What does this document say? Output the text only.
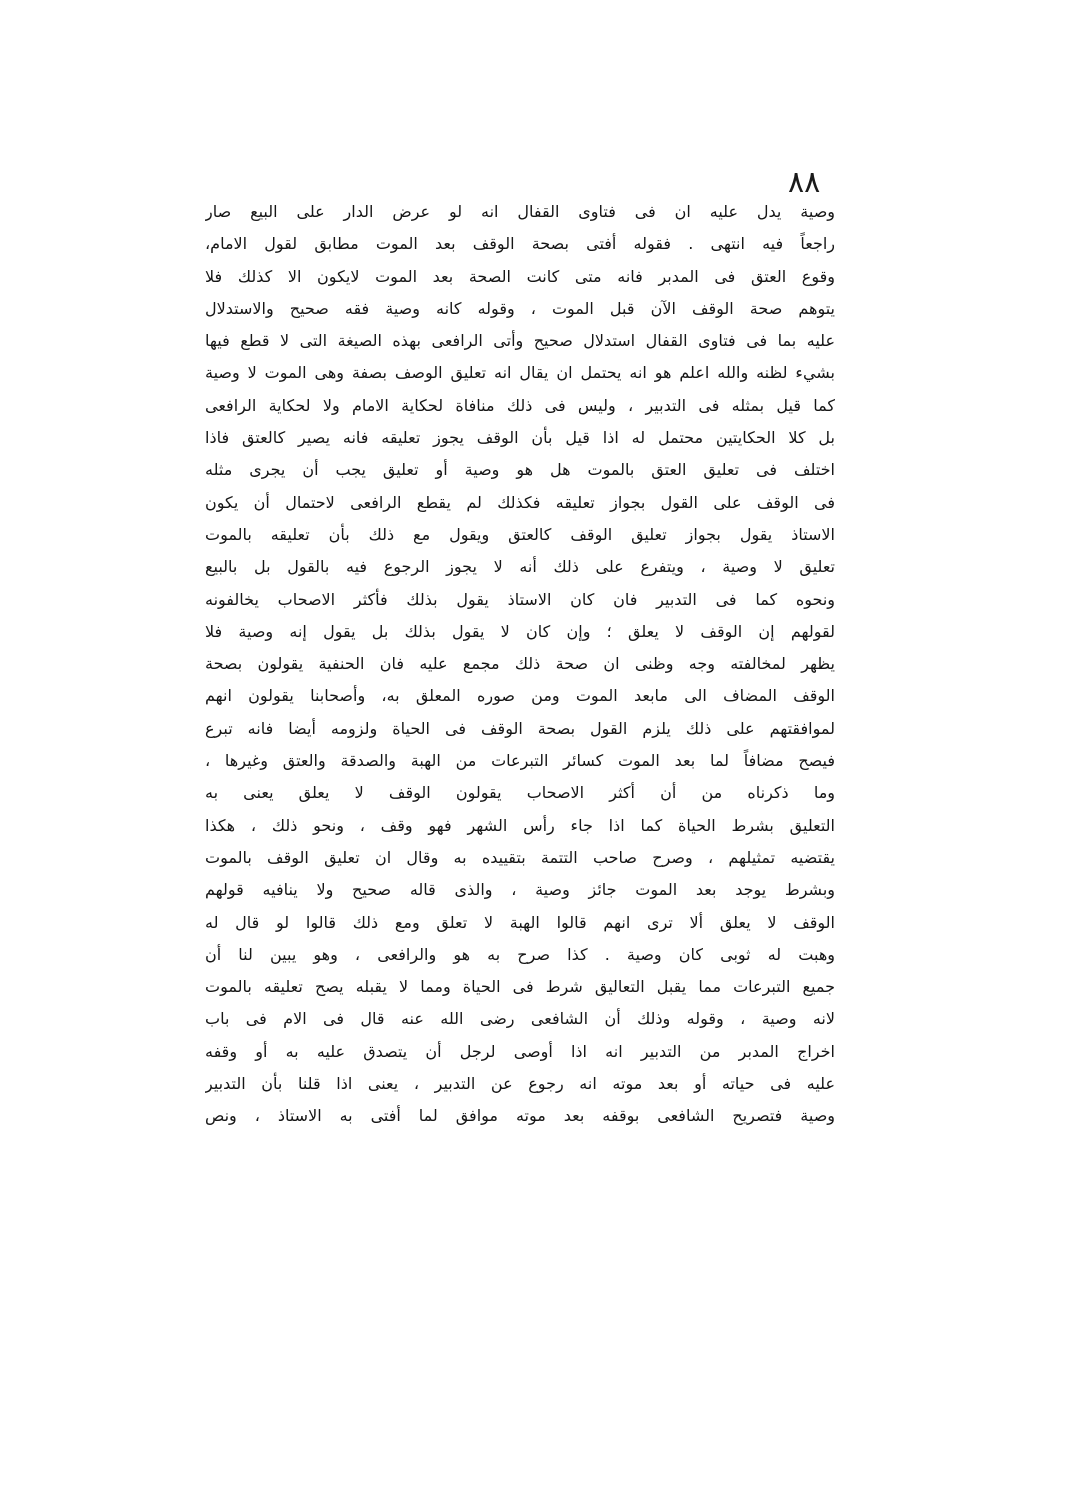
٨٨
وصية يدل عليه ان فى فتاوى القفال انه لو عرض الدار على البيع صار
راجعاً فيه انتهى . فقوله أفتى بصحة الوقف بعد الموت مطابق لقول الامام،
وقوع العتق فى المدبر فانه متى كانت الصحة بعد الموت لايكون الا كذلك فلا
يتوهم صحة الوقف الآن قبل الموت ، وقوله كانه وصية فقه صحيح والاستدلال
عليه بما فى فتاوى القفال استدلال صحيح وأتى الرافعى بهذه الصيغة التى لا قطع فيها
بشيء لظنه والله اعلم هو انه يحتمل ان يقال انه تعليق الوصف بصفة وهى الموت لا وصية
كما قيل بمثله فى التدبير ، وليس فى ذلك منافاة لحكاية الامام ولا لحكاية الرافعى
بل كلا الحكايتين محتمل له اذا قيل بأن الوقف يجوز تعليقه فانه يصير كالعتق فاذا
اختلف فى تعليق العتق بالموت هل هو وصية أو تعليق يجب أن يجرى مثله
فى الوقف على القول بجواز تعليقه فكذلك لم يقطع الرافعى لاحتمال أن يكون
الاستاذ يقول بجواز تعليق الوقف كالعتق ويقول مع ذلك بأن تعليقه بالموت
تعليق لا وصية ، ويتفرع على ذلك أنه لا يجوز الرجوع فيه بالقول بل بالبيع
ونحوه كما فى التدبير فان كان الاستاذ يقول بذلك فأكثر الاصحاب يخالفونه
لقولهم إن الوقف لا يعلق ؛ وإن كان لا يقول بذلك بل يقول إنه وصية فلا
يظهر لمخالفته وجه وظنى ان صحة ذلك مجمع عليه فان الحنفية يقولون بصحة
الوقف المضاف الى مابعد الموت ومن صوره المعلق به، وأصحابنا يقولون انهم
لموافقتهم على ذلك يلزم القول بصحة الوقف فى الحياة ولزومه أيضا فانه تبرع
فيصح مضافاً لما بعد الموت كسائر التبرعات من الهبة والصدقة والعتق وغيرها ،
وما ذكرناه من أن أكثر الاصحاب يقولون الوقف لا يعلق يعنى به
التعليق بشرط الحياة كما اذا جاء رأس الشهر فهو وقف ، ونحو ذلك ، هكذا
يقتضيه تمثيلهم ، وصرح صاحب التتمة بتقييده به وقال ان تعليق الوقف بالموت
وبشرط يوجد بعد الموت جائز وصية ، والذى قاله صحيح ولا ينافيه قولهم
الوقف لا يعلق ألا ترى انهم قالوا الهبة لا تعلق ومع ذلك قالوا لو قال له
وهبت له ثوبى كان وصية . كذا صرح به هو والرافعى ، وهو يبين لنا أن
جميع التبرعات مما يقبل التعاليق شرط فى الحياة ومما لا يقبله يصح تعليقه بالموت
لانه وصية ، وقوله وذلك أن الشافعى رضى الله عنه قال فى الام فى باب
اخراج المدبر من التدبير انه اذا أوصى لرجل أن يتصدق عليه به أو وقفه
عليه فى حياته أو بعد موته انه رجوع عن التدبير ، يعنى اذا قلنا بأن التدبير
وصية فتصريح الشافعى بوقفه بعد موته موافق لما أفتى به الاستاذ ، ونص
